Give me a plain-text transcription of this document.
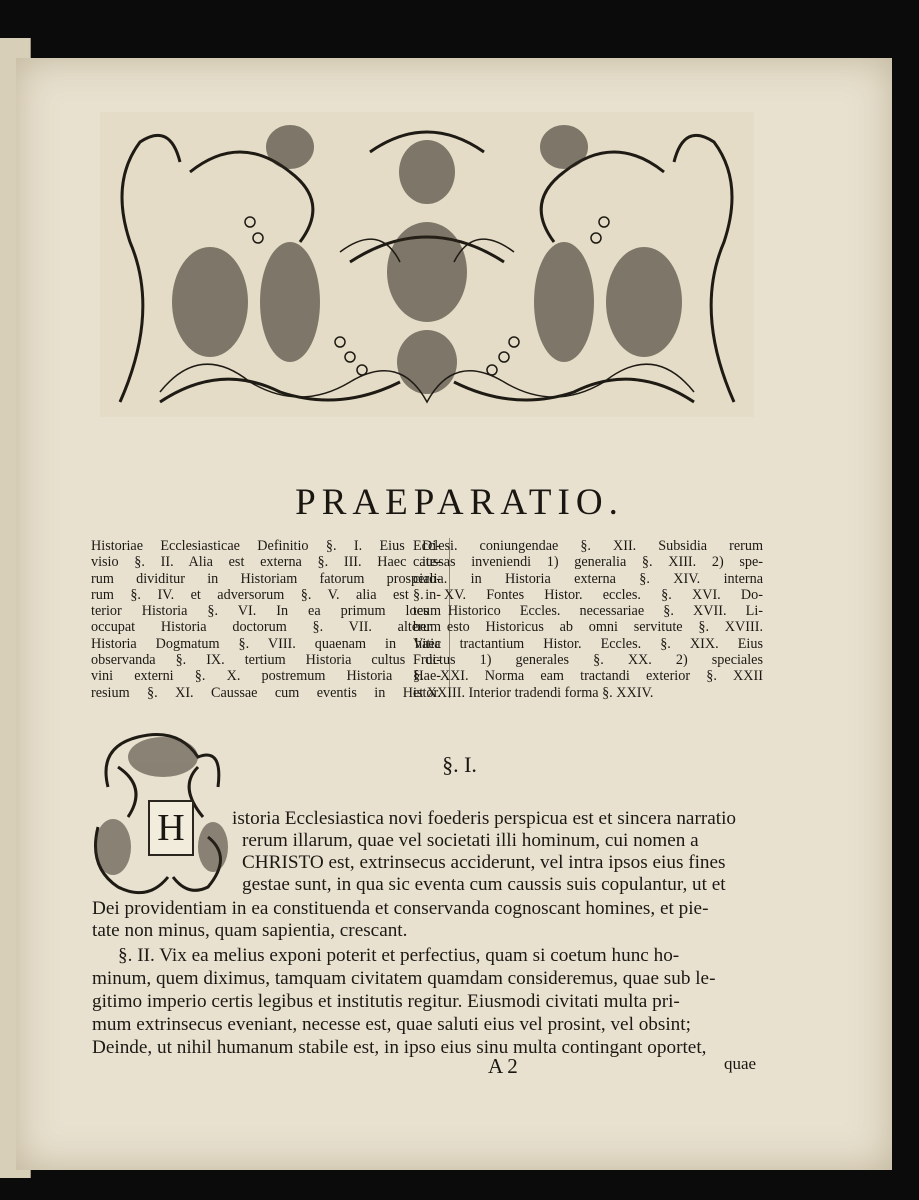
PRAEPARATIO.
Historiae Ecclesiasticae Definitio §. I. Eius Di-
visio §. II. Alia est externa §. III. Haec ite-
rum dividitur in Historiam fatorum prospero-
rum §. IV. et adversorum §. V. alia est in-
terior Historia §. VI. In ea primum locum
occupat Historia doctorum §. VII. alterum
Historia Dogmatum §. VIII. quaenam in haec
observanda §. IX. tertium Historia cultus di-
vini externi §. X. postremum Historia Hae-
resium §. XI. Caussae cum eventis in Histor.
Ecclesi. coniungendae §. XII. Subsidia rerum
caussas inveniendi 1) generalia §. XIII. 2) spe-
cialia. in Historia externa §. XIV. interna
§. XV. Fontes Histor. eccles. §. XVI. Do-
tes Historico Eccles. necessariae §. XVII. Li-
ber esto Historicus ab omni servitute §. XVIII.
Vitia tractantium Histor. Eccles. §. XIX. Eius
Fructus 1) generales §. XX. 2) speciales
§. XXI. Norma eam tractandi exterior §. XXII
et XXIII. Interior tradendi forma §. XXIV.
§. I.
H	istoria Ecclesiastica novi foederis perspicua est et sincera narratio
rerum illarum, quae vel societati illi hominum, cui nomen a
CHRISTO est, extrinsecus acciderunt, vel intra ipsos eius fines
gestae sunt, in qua sic eventa cum caussis suis copulantur, ut et
Dei providentiam in ea constituenda et conservanda cognoscant homines, et pie-
tate non minus, quam sapientia, crescant.
§. II. Vix ea melius exponi poterit et perfectius, quam si coetum hunc ho-
minum, quem diximus, tamquam civitatem quamdam consideremus, quae sub le-
gitimo imperio certis legibus et institutis regitur. Eiusmodi civitati multa pri-
mum extrinsecus eveniant, necesse est, quae saluti eius vel prosint, vel obsint;
Deinde, ut nihil humanum stabile est, in ipso eius sinu multa contingant oportet,
A 2	quae
